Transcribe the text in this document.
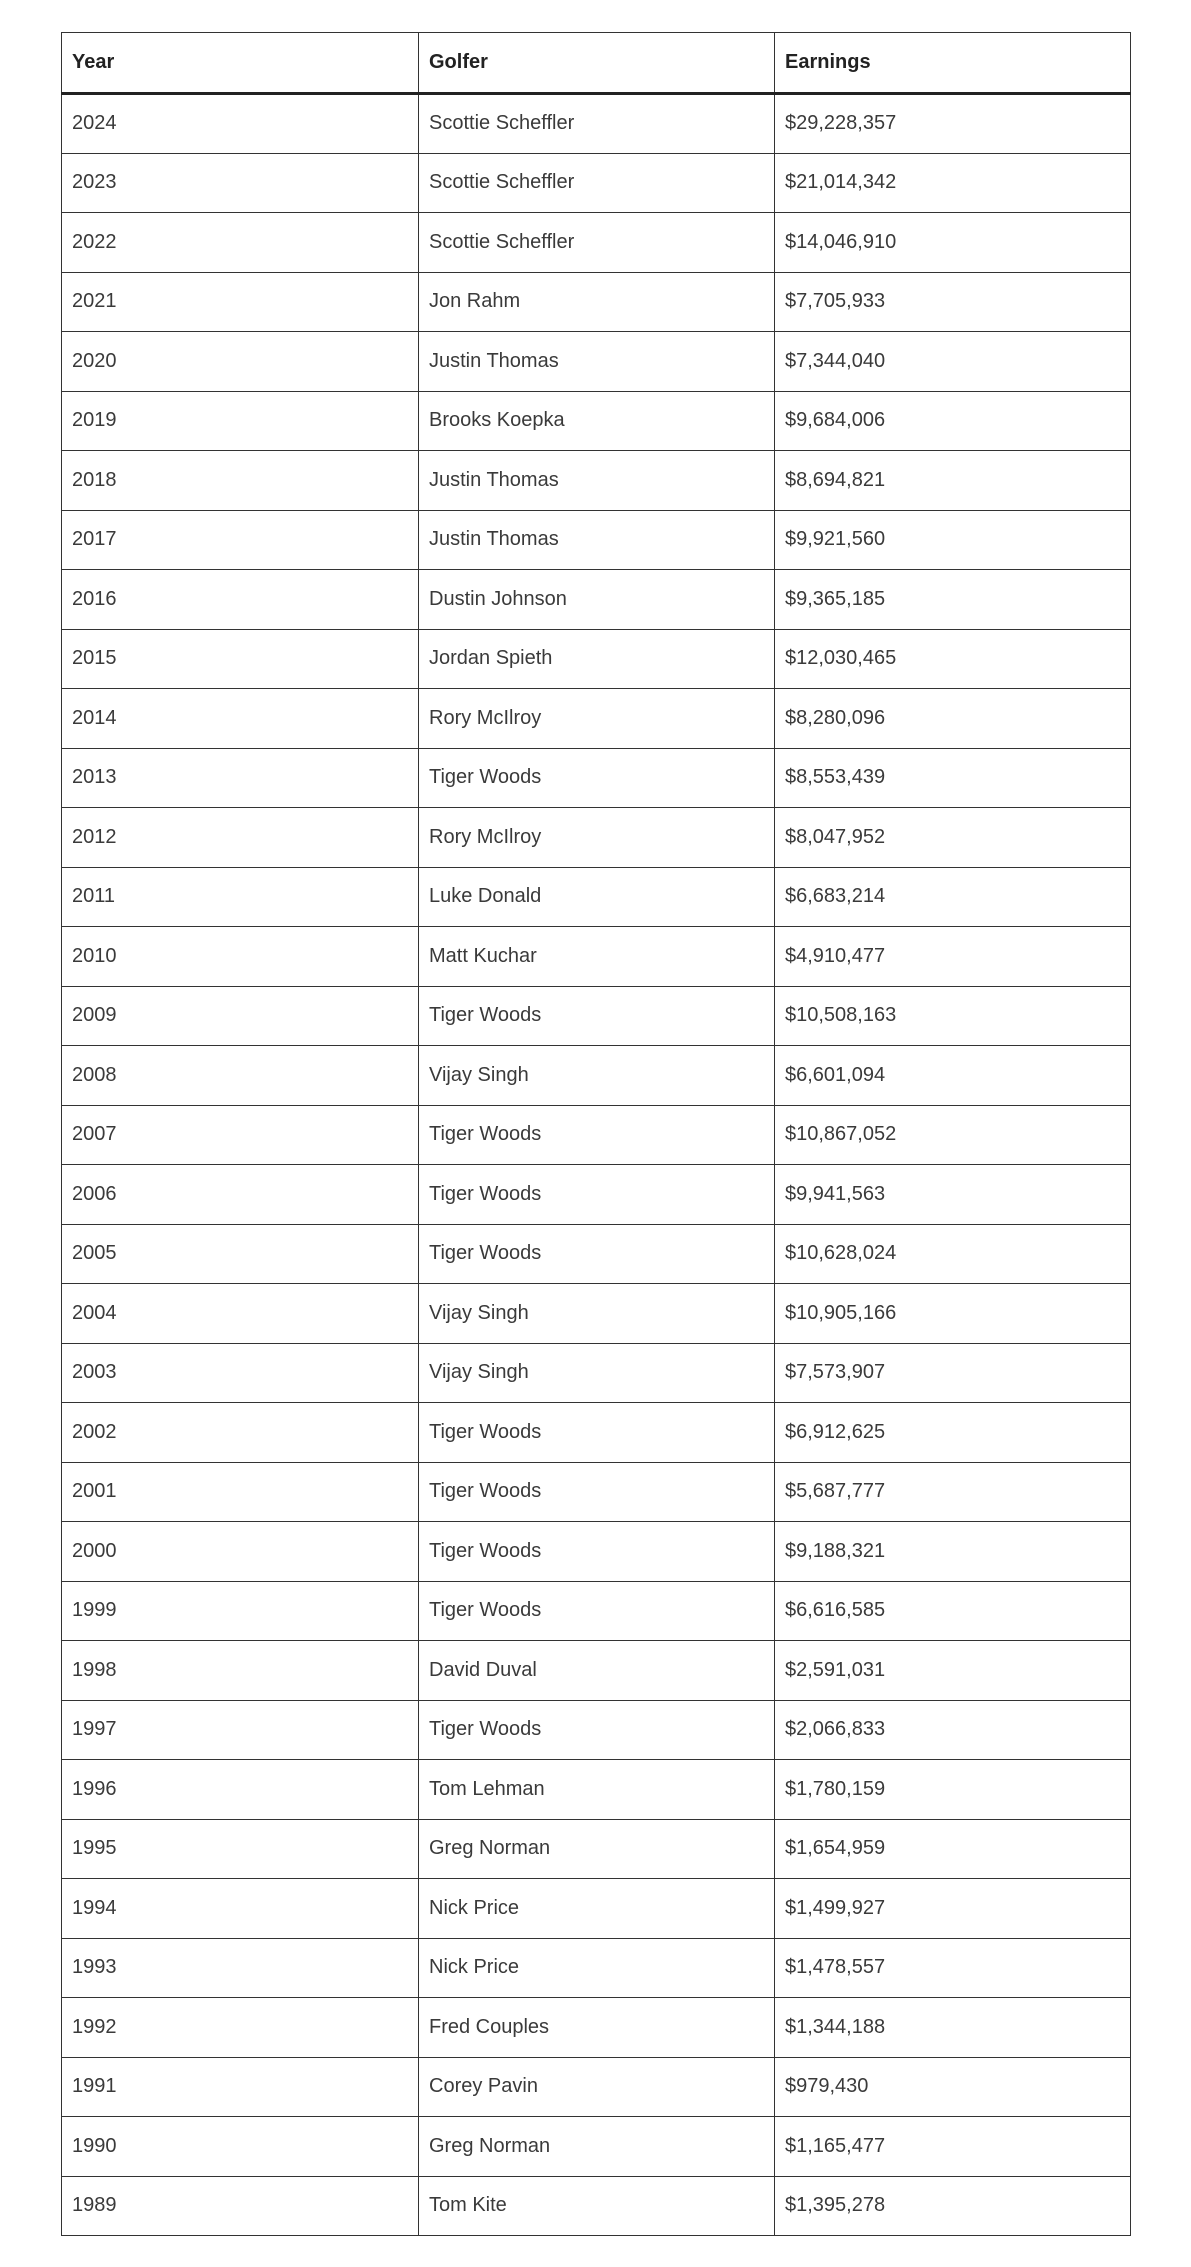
Year	Golfer	Earnings
2024	Scottie Scheffler	$29,228,357
2023	Scottie Scheffler	$21,014,342
2022	Scottie Scheffler	$14,046,910
2021	Jon Rahm	$7,705,933
2020	Justin Thomas	$7,344,040
2019	Brooks Koepka	$9,684,006
2018	Justin Thomas	$8,694,821
2017	Justin Thomas	$9,921,560
2016	Dustin Johnson	$9,365,185
2015	Jordan Spieth	$12,030,465
2014	Rory McIlroy	$8,280,096
2013	Tiger Woods	$8,553,439
2012	Rory McIlroy	$8,047,952
2011	Luke Donald	$6,683,214
2010	Matt Kuchar	$4,910,477
2009	Tiger Woods	$10,508,163
2008	Vijay Singh	$6,601,094
2007	Tiger Woods	$10,867,052
2006	Tiger Woods	$9,941,563
2005	Tiger Woods	$10,628,024
2004	Vijay Singh	$10,905,166
2003	Vijay Singh	$7,573,907
2002	Tiger Woods	$6,912,625
2001	Tiger Woods	$5,687,777
2000	Tiger Woods	$9,188,321
1999	Tiger Woods	$6,616,585
1998	David Duval	$2,591,031
1997	Tiger Woods	$2,066,833
1996	Tom Lehman	$1,780,159
1995	Greg Norman	$1,654,959
1994	Nick Price	$1,499,927
1993	Nick Price	$1,478,557
1992	Fred Couples	$1,344,188
1991	Corey Pavin	$979,430
1990	Greg Norman	$1,165,477
1989	Tom Kite	$1,395,278
